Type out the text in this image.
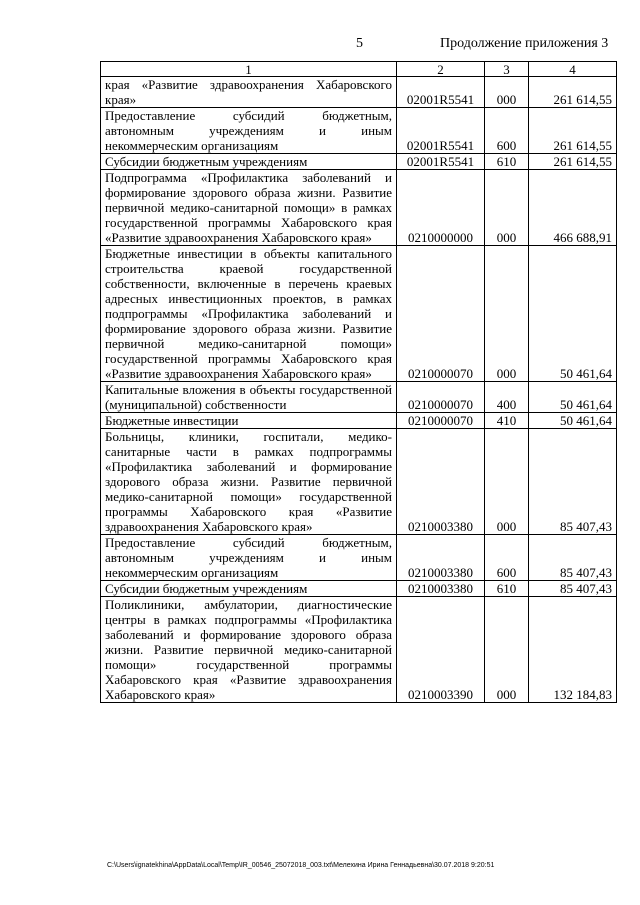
5	Продолжение приложения 3
1	2	3	4
края «Развитие здравоохранения Хабаровского края»	02001R5541	000	261 614,55
Предоставление субсидий бюджетным, автономным учреждениям и иным некоммерческим организациям	02001R5541	600	261 614,55
Субсидии бюджетным учреждениям	02001R5541	610	261 614,55
Подпрограмма «Профилактика заболеваний и формирование здорового образа жизни. Развитие первичной медико-санитарной помощи» в рамках государственной программы Хабаровского края «Развитие здравоохранения Хабаровского края»	0210000000	000	466 688,91
Бюджетные инвестиции в объекты капитального строительства краевой государственной собственности, включенные в перечень краевых адресных инвестиционных проектов, в рамках подпрограммы «Профилактика заболеваний и формирование здорового образа жизни. Развитие первичной медико-санитарной помощи» государственной программы Хабаровского края «Развитие здравоохранения Хабаровского края»	0210000070	000	50 461,64
Капитальные вложения в объекты государственной (муниципальной) собственности	0210000070	400	50 461,64
Бюджетные инвестиции	0210000070	410	50 461,64
Больницы, клиники, госпитали, медико-санитарные части в рамках подпрограммы «Профилактика заболеваний и формирование здорового образа жизни. Развитие первичной медико-санитарной помощи» государственной программы Хабаровского края «Развитие здравоохранения Хабаровского края»	0210003380	000	85 407,43
Предоставление субсидий бюджетным, автономным учреждениям и иным некоммерческим организациям	0210003380	600	85 407,43
Субсидии бюджетным учреждениям	0210003380	610	85 407,43
Поликлиники, амбулатории, диагностические центры в рамках подпрограммы «Профилактика заболеваний и формирование здорового образа жизни. Развитие первичной медико-санитарной помощи» государственной программы Хабаровского края «Развитие здравоохранения Хабаровского края»	0210003390	000	132 184,83
C:\Users\ignatekhina\AppData\Local\Temp\IR_00546_25072018_003.txt\Мелехина Ирина Геннадьевна\30.07.2018 9:20:51
